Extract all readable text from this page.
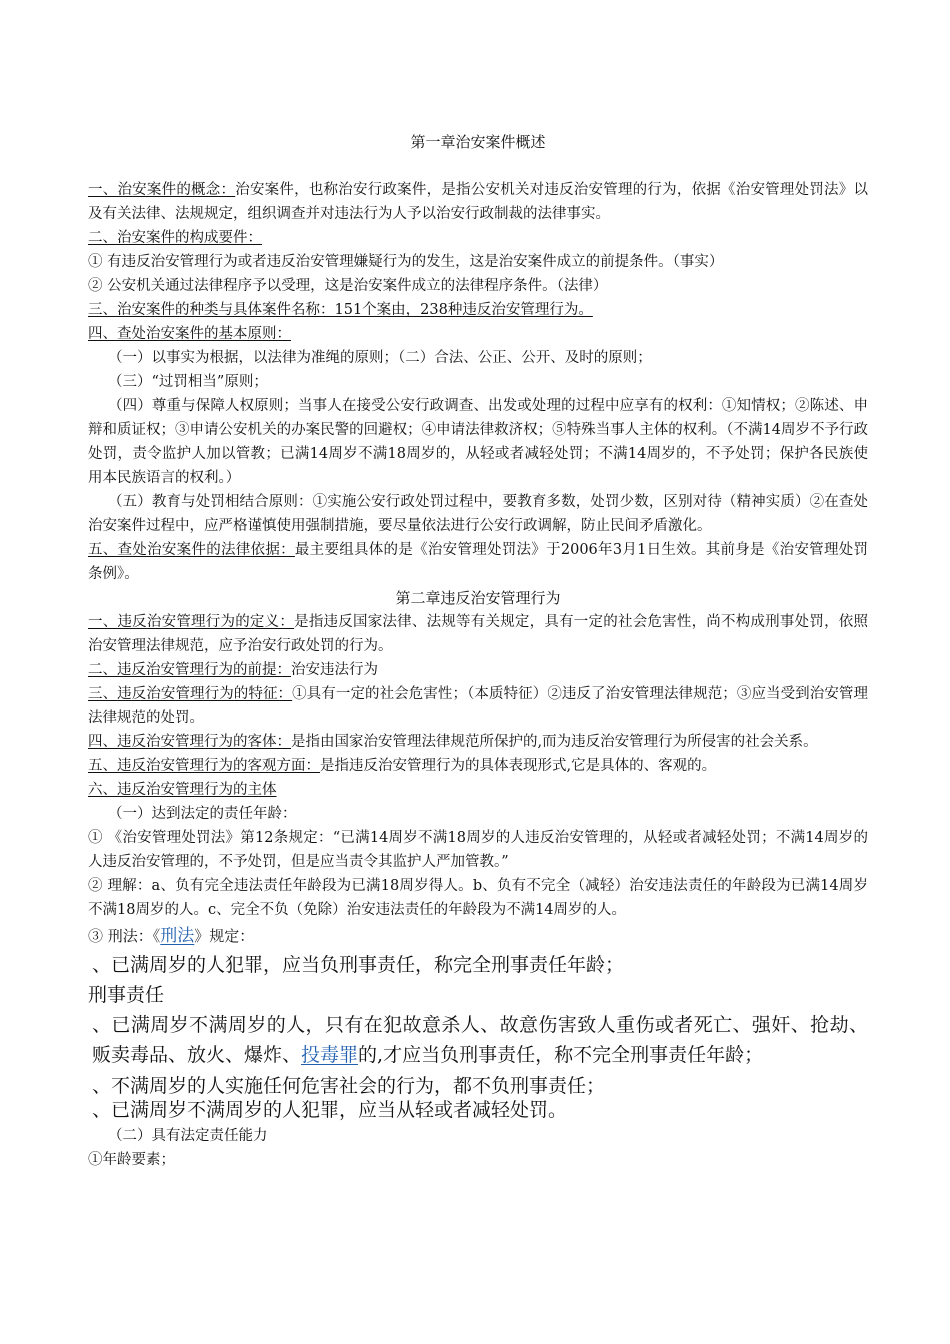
第一章治安案件概述

一、治安案件的概念：治安案件，也称治安行政案件，是指公安机关对违反治安管理的行为，依据《治安管理处罚法》以及有关法律、法规规定，组织调查并对违法行为人予以治安行政制裁的法律事实。

二、治安案件的构成要件：

① 有违反治安管理行为或者违反治安管理嫌疑行为的发生，这是治安案件成立的前提条件。（事实）

② 公安机关通过法律程序予以受理，这是治安案件成立的法律程序条件。（法律）

三、治安案件的种类与具体案件名称：151个案由，238种违反治安管理行为。

四、查处治安案件的基本原则：

（一）以事实为根据，以法律为准绳的原则；（二）合法、公正、公开、及时的原则；

（三）“过罚相当”原则；

（四）尊重与保障人权原则；当事人在接受公安行政调查、出发或处理的过程中应享有的权利：①知情权；②陈述、申辩和质证权；③申请公安机关的办案民警的回避权；④申请法律救济权；⑤特殊当事人主体的权利。（不满14周岁不予行政处罚，责令监护人加以管教；已满14周岁不满18周岁的，从轻或者减轻处罚；不满14周岁的，不予处罚；保护各民族使用本民族语言的权利。）

（五）教育与处罚相结合原则：①实施公安行政处罚过程中，要教育多数，处罚少数，区别对待（精神实质）②在查处治安案件过程中，应严格谨慎使用强制措施，要尽量依法进行公安行政调解，防止民间矛盾激化。

五、查处治安案件的法律依据：最主要组具体的是《治安管理处罚法》于2006年3月1日生效。其前身是《治安管理处罚条例》。

第二章违反治安管理行为

一、违反治安管理行为的定义：是指违反国家法律、法规等有关规定，具有一定的社会危害性，尚不构成刑事处罚，依照治安管理法律规范，应予治安行政处罚的行为。

二、违反治安管理行为的前提：治安违法行为

三、违反治安管理行为的特征：①具有一定的社会危害性；（本质特征）②违反了治安管理法律规范；③应当受到治安管理法律规范的处罚。

四、违反治安管理行为的客体：是指由国家治安管理法律规范所保护的,而为违反治安管理行为所侵害的社会关系。

五、违反治安管理行为的客观方面：是指违反治安管理行为的具体表现形式,它是具体的、客观的。

六、违反治安管理行为的主体

（一）达到法定的责任年龄：

① 《治安管理处罚法》第12条规定：“已满14周岁不满18周岁的人违反治安管理的，从轻或者减轻处罚；不满14周岁的人违反治安管理的，不予处罚，但是应当责令其监护人严加管教。”

② 理解：a、负有完全违法责任年龄段为已满18周岁得人。b、负有不完全（减轻）治安违法责任的年龄段为已满14周岁不满18周岁的人。c、完全不负（免除）治安违法责任的年龄段为不满14周岁的人。

③ 刑法：《刑法》规定：

、已满周岁的人犯罪，应当负刑事责任，称完全刑事责任年龄；

刑事责任

、已满周岁不满周岁的人，只有在犯故意杀人、故意伤害致人重伤或者死亡、强奸、抢劫、贩卖毒品、放火、爆炸、投毒罪的,才应当负刑事责任，称不完全刑事责任年龄；

、不满周岁的人实施任何危害社会的行为，都不负刑事责任；

、已满周岁不满周岁的人犯罪，应当从轻或者减轻处罚。

（二）具有法定责任能力

①年龄要素；
